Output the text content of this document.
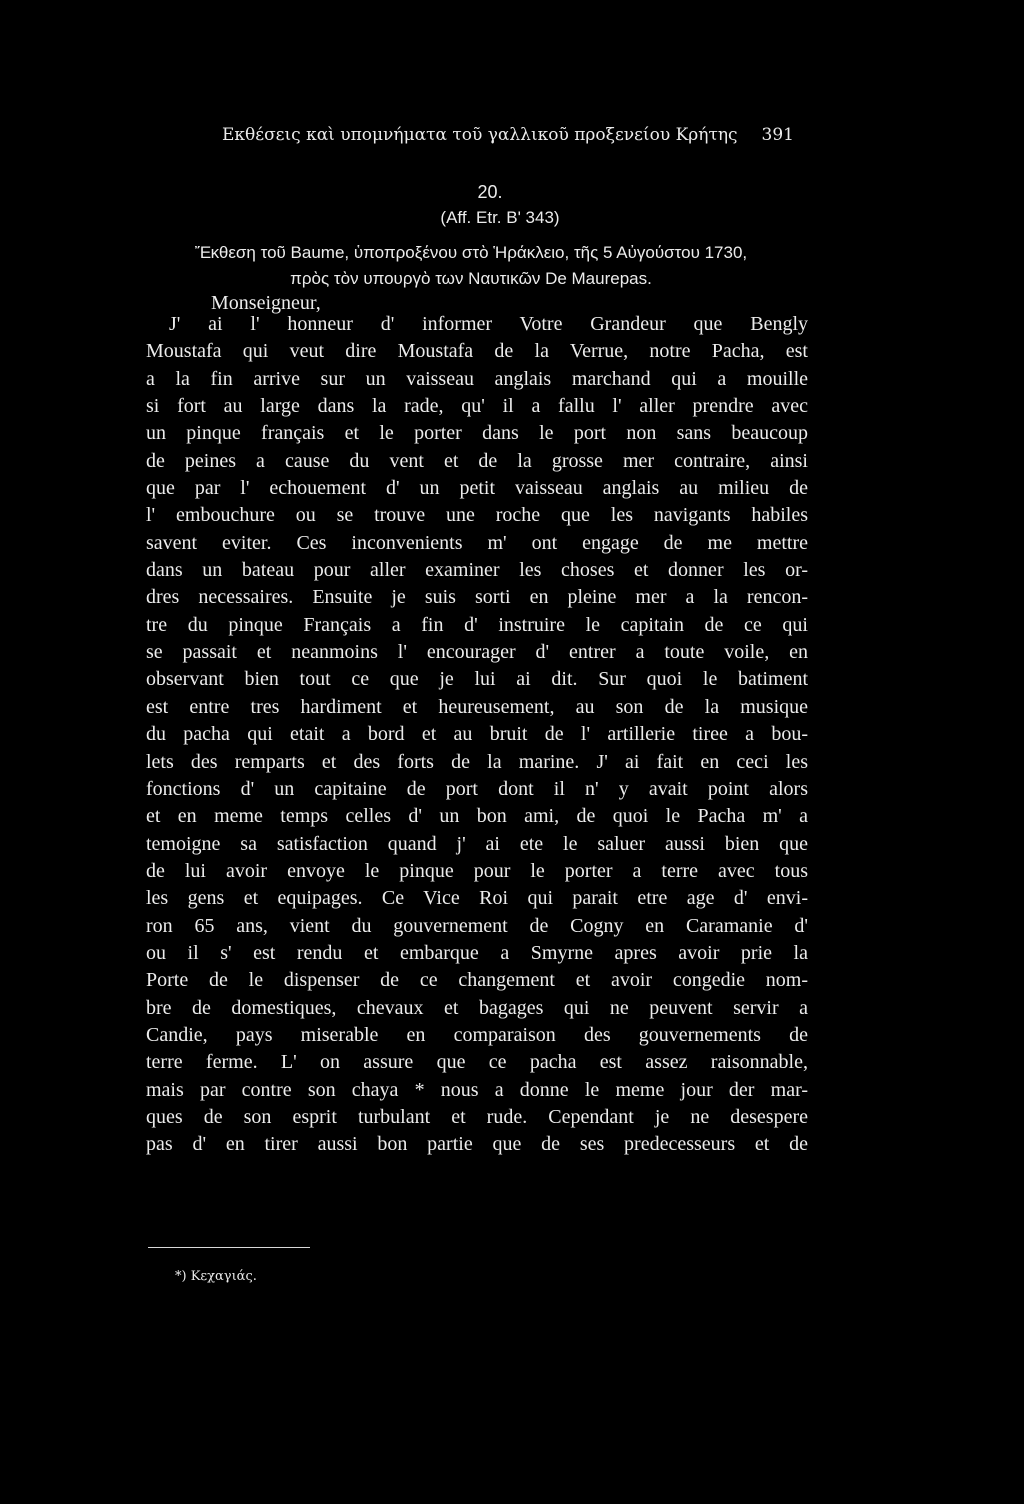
Εκθέσεις καὶ υπομνήματα τοῦ γαλλικοῦ προξενείου Κρήτης 391
20.
(Aff. Etr. B' 343)
Ἔκθεση τοῦ Baume, ὑποπροξένου στὸ Ἡράκλειο, τῆς 5 Αὐγούστου 1730,
πρὸς τὸν υπουργὸ των Ναυτικῶν De Maurepas.
Monseigneur,
J' ai l' honneur d' informer Votre Grandeur que Bengly
Moustafa qui veut dire Moustafa de la Verrue, notre Pacha, est
a la fin arrive sur un vaisseau anglais marchand qui a mouille
si fort au large dans la rade, qu' il a fallu l' aller prendre avec
un pinque français et le porter dans le port non sans beaucoup
de peines a cause du vent et de la grosse mer contraire, ainsi
que par l' echouement d' un petit vaisseau anglais au milieu de
l' embouchure ou se trouve une roche que les navigants habiles
savent eviter. Ces inconvenients m' ont engage de me mettre
dans un bateau pour aller examiner les choses et donner les or-
dres necessaires. Ensuite je suis sorti en pleine mer a la rencon-
tre du pinque Français a fin d' instruire le capitain de ce qui
se passait et neanmoins l' encourager d' entrer a toute voile, en
observant bien tout ce que je lui ai dit. Sur quoi le batiment
est entre tres hardiment et heureusement, au son de la musique
du pacha qui etait a bord et au bruit de l' artillerie tiree a bou-
lets des remparts et des forts de la marine. J' ai fait en ceci les
fonctions d' un capitaine de port dont il n' y avait point alors
et en meme temps celles d' un bon ami, de quoi le Pacha m' a
temoigne sa satisfaction quand j' ai ete le saluer aussi bien que
de lui avoir envoye le pinque pour le porter a terre avec tous
les gens et equipages. Ce Vice Roi qui parait etre age d' envi-
ron 65 ans, vient du gouvernement de Cogny en Caramanie d'
ou il s' est rendu et embarque a Smyrne apres avoir prie la
Porte de le dispenser de ce changement et avoir congedie nom-
bre de domestiques, chevaux et bagages qui ne peuvent servir a
Candie, pays miserable en comparaison des gouvernements de
terre ferme. L' on assure que ce pacha est assez raisonnable,
mais par contre son chaya * nous a donne le meme jour der mar-
ques de son esprit turbulant et rude. Cependant je ne desespere
pas d' en tirer aussi bon partie que de ses predecesseurs et de
*) Κεχαγιάς.
